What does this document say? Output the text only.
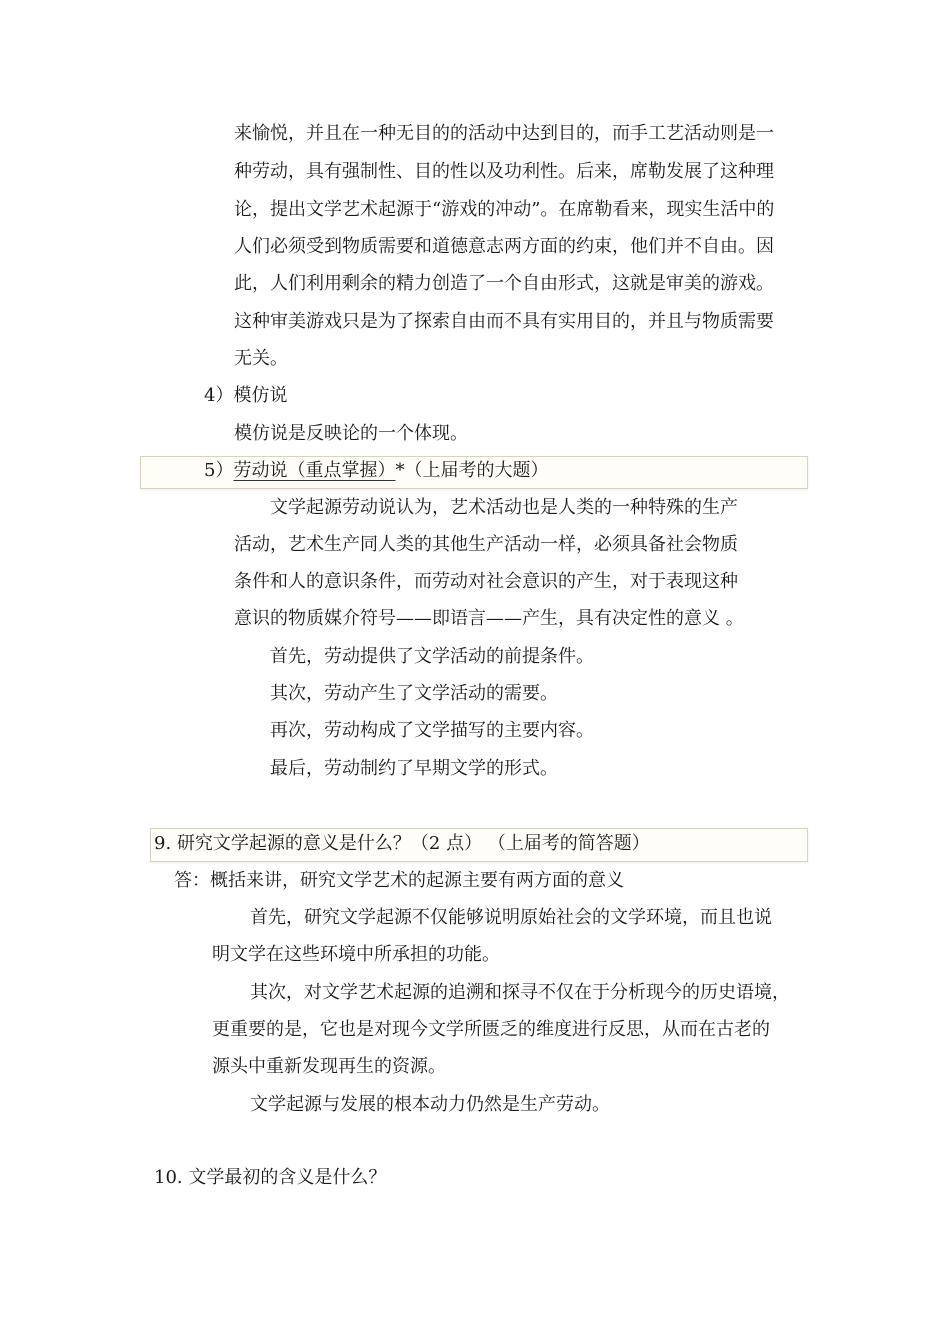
来愉悦，并且在一种无目的的活动中达到目的，而手工艺活动则是一
种劳动，具有强制性、目的性以及功利性。后来，席勒发展了这种理
论，提出文学艺术起源于“游戏的冲动”。在席勒看来，现实生活中的
人们必须受到物质需要和道德意志两方面的约束，他们并不自由。因
此，人们利用剩余的精力创造了一个自由形式，这就是审美的游戏。
这种审美游戏只是为了探索自由而不具有实用目的，并且与物质需要
无关。
4）模仿说
模仿说是反映论的一个体现。
5）劳动说（重点掌握）*（上届考的大题）
文学起源劳动说认为，艺术活动也是人类的一种特殊的生产
活动，艺术生产同人类的其他生产活动一样，必须具备社会物质
条件和人的意识条件，而劳动对社会意识的产生，对于表现这种
意识的物质媒介符号——即语言——产生，具有决定性的意义 。
首先，劳动提供了文学活动的前提条件。
其次，劳动产生了文学活动的需要。
再次，劳动构成了文学描写的主要内容。
最后，劳动制约了早期文学的形式。
9. 研究文学起源的意义是什么？（2 点） （上届考的简答题）
答：概括来讲，研究文学艺术的起源主要有两方面的意义
首先，研究文学起源不仅能够说明原始社会的文学环境，而且也说
明文学在这些环境中所承担的功能。
其次，对文学艺术起源的追溯和探寻不仅在于分析现今的历史语境，
更重要的是，它也是对现今文学所匮乏的维度进行反思，从而在古老的
源头中重新发现再生的资源。
文学起源与发展的根本动力仍然是生产劳动。
10. 文学最初的含义是什么？
